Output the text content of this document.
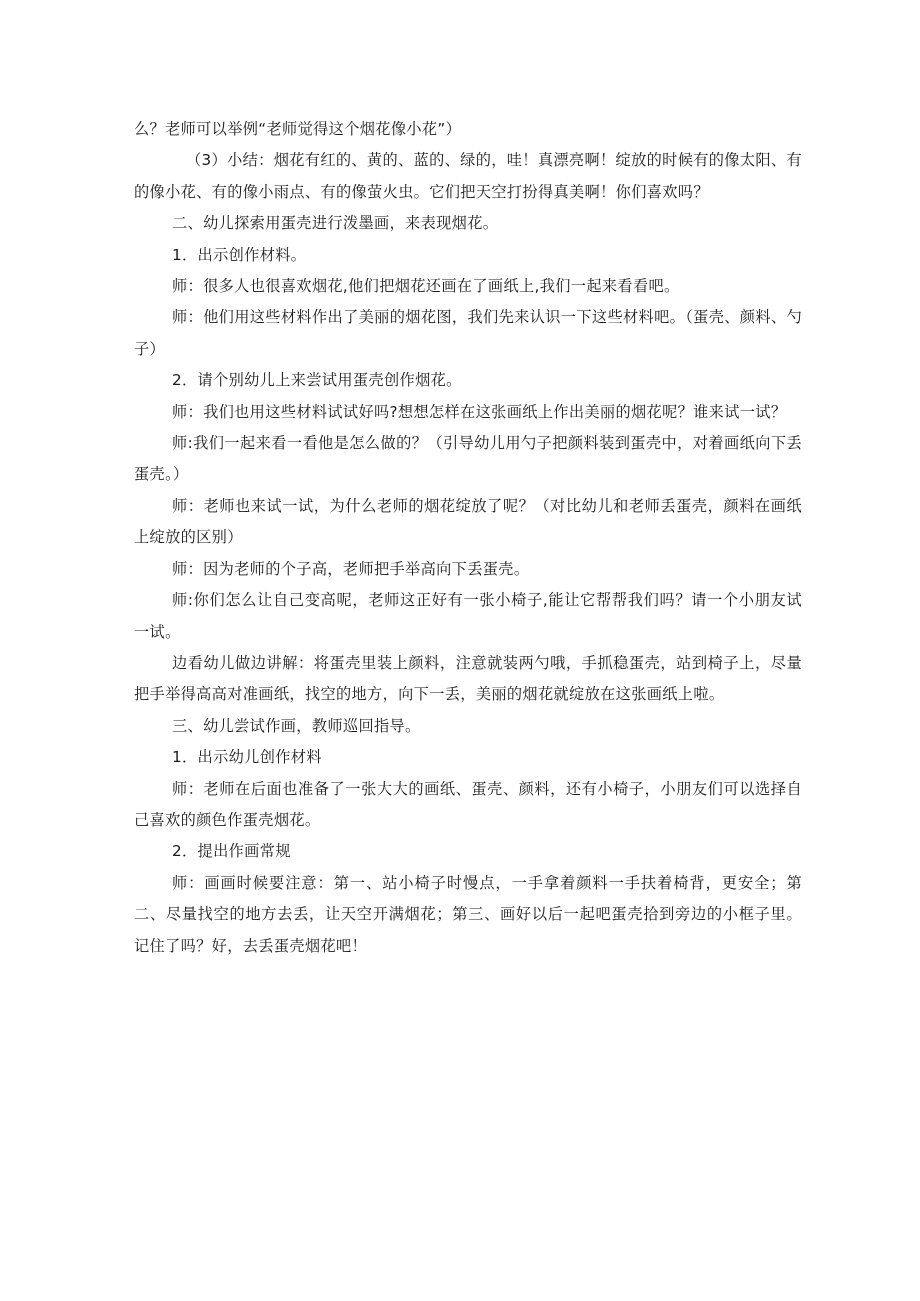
么？老师可以举例“老师觉得这个烟花像小花”）

（3）小结：烟花有红的、黄的、蓝的、绿的，哇！真漂亮啊！绽放的时候有的像太阳、有的像小花、有的像小雨点、有的像萤火虫。它们把天空打扮得真美啊！你们喜欢吗？

二、幼儿探索用蛋壳进行泼墨画，来表现烟花。

1．出示创作材料。

师：很多人也很喜欢烟花,他们把烟花还画在了画纸上,我们一起来看看吧。

师：他们用这些材料作出了美丽的烟花图，我们先来认识一下这些材料吧。（蛋壳、颜料、勺子）

2．请个别幼儿上来尝试用蛋壳创作烟花。

师：我们也用这些材料试试好吗?想想怎样在这张画纸上作出美丽的烟花呢？谁来试一试？

师:我们一起来看一看他是怎么做的？（引导幼儿用勺子把颜料装到蛋壳中，对着画纸向下丢蛋壳。）

师：老师也来试一试，为什么老师的烟花绽放了呢？（对比幼儿和老师丢蛋壳，颜料在画纸上绽放的区别）

师：因为老师的个子高，老师把手举高向下丢蛋壳。

师:你们怎么让自己变高呢，老师这正好有一张小椅子,能让它帮帮我们吗？请一个小朋友试一试。

边看幼儿做边讲解：将蛋壳里装上颜料，注意就装两勺哦，手抓稳蛋壳，站到椅子上，尽量把手举得高高对准画纸，找空的地方，向下一丢，美丽的烟花就绽放在这张画纸上啦。

三、幼儿尝试作画，教师巡回指导。

1．出示幼儿创作材料

师：老师在后面也准备了一张大大的画纸、蛋壳、颜料，还有小椅子，小朋友们可以选择自己喜欢的颜色作蛋壳烟花。

2．提出作画常规

师：画画时候要注意：第一、站小椅子时慢点，一手拿着颜料一手扶着椅背，更安全；第二、尽量找空的地方去丢，让天空开满烟花；第三、画好以后一起吧蛋壳拾到旁边的小框子里。记住了吗？好，去丢蛋壳烟花吧！
